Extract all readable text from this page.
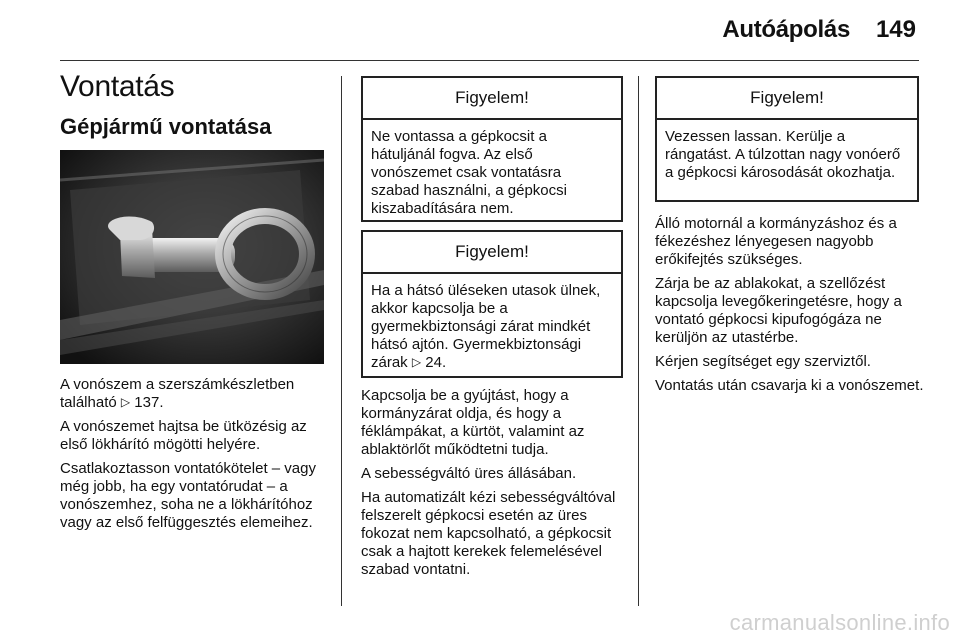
Autóápolás 149
Vontatás
Gépjármű vontatása

A vonószem a szerszámkészletben található ▷ 137.

A vonószemet hajtsa be ütközésig az első lökhárító mögötti helyére.

Csatlakoztasson vontatókötelet – vagy még jobb, ha egy vontatórudat – a vonószemhez, soha ne a lökhárítóhoz vagy az első felfüggesztés elemeihez.

Figyelem!
Ne vontassa a gépkocsit a hátuljánál fogva. Az első vonószemet csak vontatásra szabad használni, a gépkocsi kiszabadítására nem.
Figyelem!
Ha a hátsó üléseken utasok ülnek, akkor kapcsolja be a gyermekbiztonsági zárat mindkét hátsó ajtón. Gyermekbiztonsági zárak ▷ 24.

Kapcsolja be a gyújtást, hogy a kormányzárat oldja, és hogy a féklámpákat, a kürtöt, valamint az ablaktörlőt működtetni tudja.

A sebességváltó üres állásában.

Ha automatizált kézi sebességváltóval felszerelt gépkocsi esetén az üres fokozat nem kapcsolható, a gépkocsit csak a hajtott kerekek felemelésével szabad vontatni.

Figyelem!
Vezessen lassan. Kerülje a rángatást. A túlzottan nagy vonóerő a gépkocsi károsodását okozhatja.

Álló motornál a kormányzáshoz és a fékezéshez lényegesen nagyobb erőkifejtés szükséges.

Zárja be az ablakokat, a szellőzést kapcsolja levegőkeringetésre, hogy a vontató gépkocsi kipufogógáza ne kerüljön az utastérbe.

Kérjen segítséget egy szerviztől.

Vontatás után csavarja ki a vonószemet.

carmanualsonline.info
